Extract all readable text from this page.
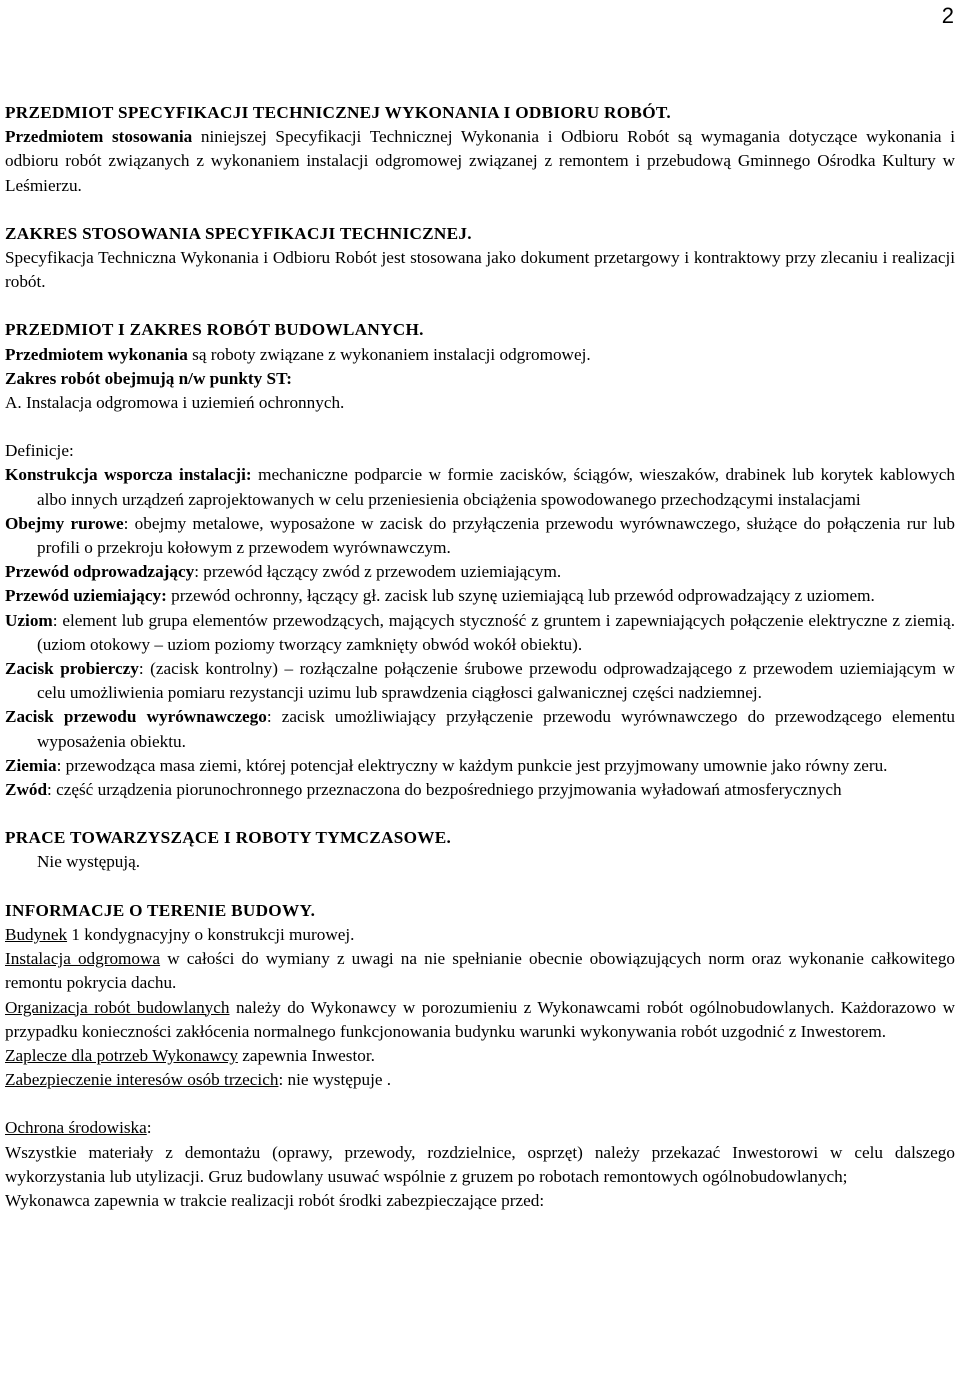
2

PRZEDMIOT SPECYFIKACJI TECHNICZNEJ WYKONANIA I ODBIORU ROBÓT.

Przedmiotem stosowania niniejszej Specyfikacji Technicznej Wykonania i Odbioru Robót są wymagania dotyczące wykonania i odbioru robót związanych z wykonaniem instalacji odgromowej związanej z remontem i przebudową Gminnego Ośrodka Kultury w Leśmierzu.

ZAKRES STOSOWANIA SPECYFIKACJI TECHNICZNEJ.

Specyfikacja Techniczna Wykonania i Odbioru Robót jest stosowana jako dokument przetargowy i kontraktowy przy zlecaniu i realizacji robót.

PRZEDMIOT I ZAKRES ROBÓT BUDOWLANYCH.

Przedmiotem wykonania są roboty związane z wykonaniem instalacji odgromowej.

Zakres robót obejmują n/w punkty ST:

A. Instalacja odgromowa i uziemień ochronnych.

Definicje:

Konstrukcja wsporcza instalacji: mechaniczne podparcie w formie zacisków, ściągów, wieszaków, drabinek lub korytek kablowych albo innych urządzeń zaprojektowanych w celu przeniesienia obciążenia spowodowanego przechodzącymi instalacjami

Obejmy rurowe: obejmy metalowe, wyposażone w zacisk do przyłączenia przewodu wyrównawczego, służące do połączenia rur lub profili o przekroju kołowym z przewodem wyrównawczym.

Przewód odprowadzający: przewód łączący zwód z przewodem uziemiającym.

Przewód uziemiający: przewód ochronny, łączący gł. zacisk lub szynę uziemiającą lub przewód odprowadzający z uziomem.

Uziom: element lub grupa elementów przewodzących, mających styczność z gruntem i zapewniających połączenie elektryczne z ziemią. (uziom otokowy – uziom poziomy tworzący zamknięty obwód wokół obiektu).

Zacisk probierczy: (zacisk kontrolny) – rozłączalne połączenie śrubowe przewodu odprowadzającego z przewodem uziemiającym w celu umożliwienia pomiaru rezystancji uzimu lub sprawdzenia ciągłosci galwanicznej części nadziemnej.

Zacisk przewodu wyrównawczego: zacisk umożliwiający przyłączenie przewodu wyrównawczego do przewodzącego elementu wyposażenia obiektu.

Ziemia: przewodząca masa ziemi, której potencjał elektryczny w każdym punkcie jest przyjmowany umownie jako równy zeru.

Zwód: część urządzenia piorunochronnego przeznaczona do bezpośredniego przyjmowania wyładowań atmosferycznych

PRACE TOWARZYSZĄCE I ROBOTY TYMCZASOWE.

Nie występują.

INFORMACJE O TERENIE BUDOWY.

Budynek 1 kondygnacyjny o konstrukcji murowej.

Instalacja odgromowa w całości do wymiany z uwagi na nie spełnianie obecnie obowiązujących norm oraz wykonanie całkowitego remontu pokrycia dachu.

Organizacja robót budowlanych należy do Wykonawcy w porozumieniu z Wykonawcami robót ogólnobudowlanych. Każdorazowo w przypadku konieczności zakłócenia normalnego funkcjonowania budynku warunki wykonywania robót uzgodnić z Inwestorem.

Zaplecze dla potrzeb Wykonawcy zapewnia Inwestor.

Zabezpieczenie interesów osób trzecich: nie występuje .

Ochrona środowiska:

Wszystkie materiały z demontażu (oprawy, przewody, rozdzielnice, osprzęt) należy przekazać Inwestorowi w celu dalszego wykorzystania lub utylizacji. Gruz budowlany usuwać wspólnie z gruzem po robotach remontowych ogólnobudowlanych;

Wykonawca zapewnia w trakcie realizacji robót środki zabezpieczające przed:
